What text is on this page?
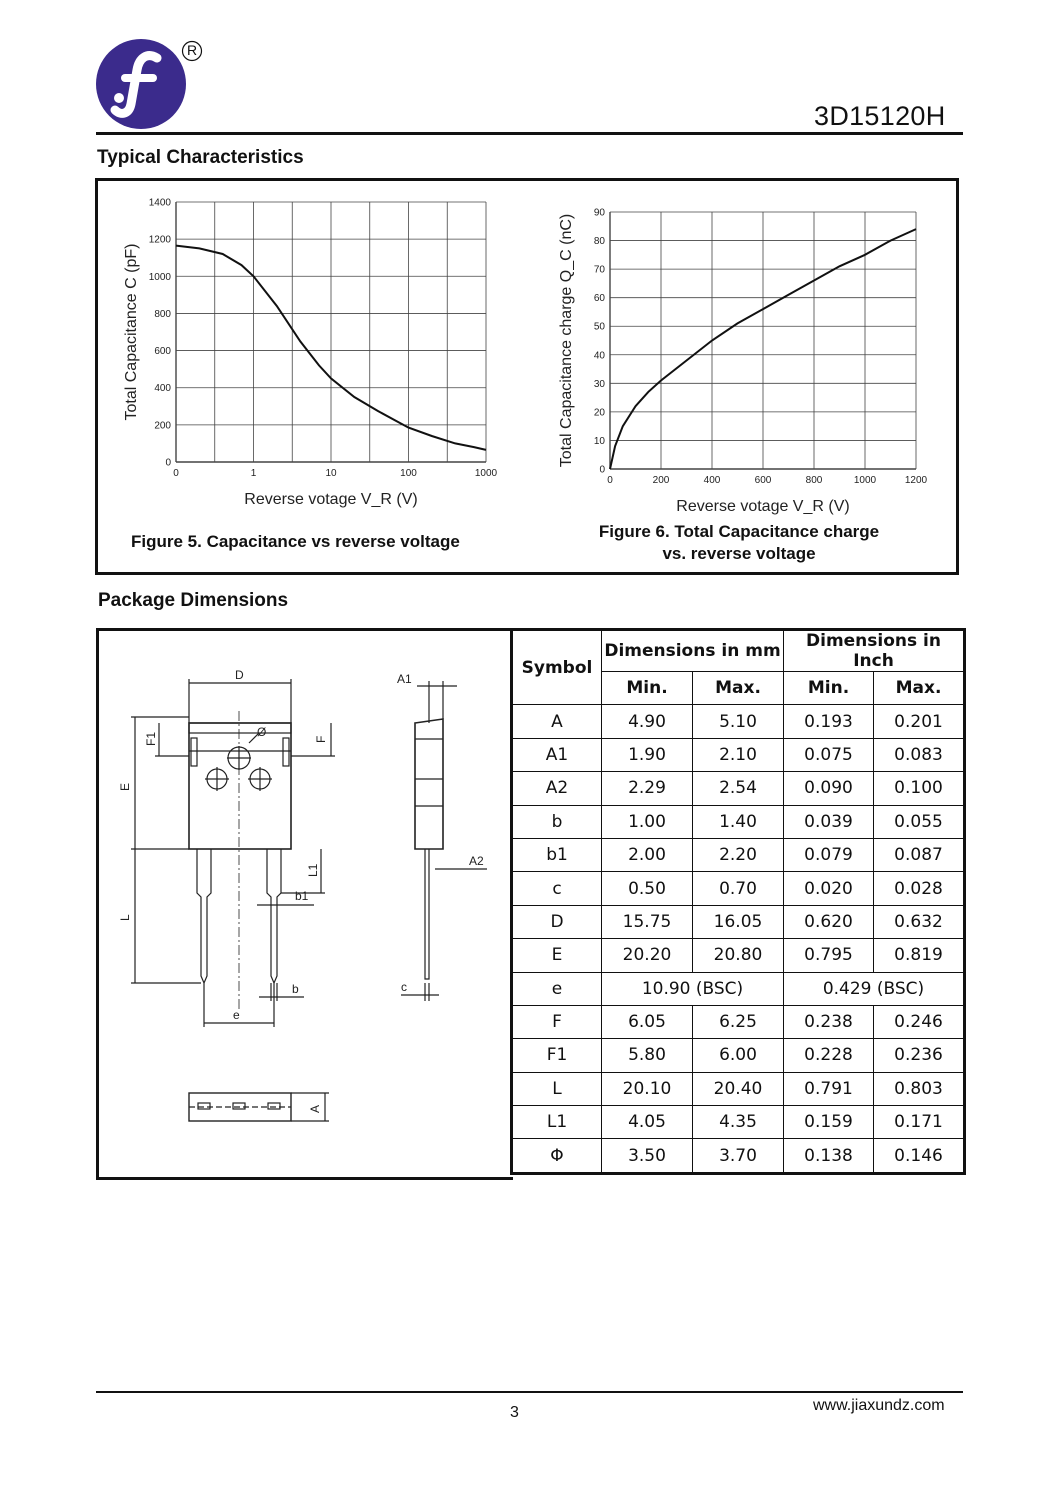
R
3D15120H
Typical Characteristics
0
200
400
600
800
1000
1200
1400
0	1	10	100	1000
Reverse votage V_R (V)
Total Capacitance C (pF)
0
10
20
30
40
50
60
70
80
90
0	200	400	600	800	1000	1200
Reverse votage V_R (V)
Total Capacitance charge Q_C (nC)
Figure 5. Capacitance vs reverse voltage
Figure 6. Total Capacitance charge
vs. reverse voltage
Package Dimensions
D
E
F1	F
Ø
L
L1
b1
b
e
A1
A2
c
A
Symbol	Dimensions in mm		Dimensions in Inch	
	Min.	Max.	Min.	Max.
A	4.90	5.10	0.193	0.201
A1	1.90	2.10	0.075	0.083
A2	2.29	2.54	0.090	0.100
b	1.00	1.40	0.039	0.055
b1	2.00	2.20	0.079	0.087
c	0.50	0.70	0.020	0.028
D	15.75	16.05	0.620	0.632
E	20.20	20.80	0.795	0.819
e	10.90 (BSC)		0.429 (BSC)	
F	6.05	6.25	0.238	0.246
F1	5.80	6.00	0.228	0.236
L	20.10	20.40	0.791	0.803
L1	4.05	4.35	0.159	0.171
Φ	3.50	3.70	0.138	0.146
3	www.jiaxundz.com
